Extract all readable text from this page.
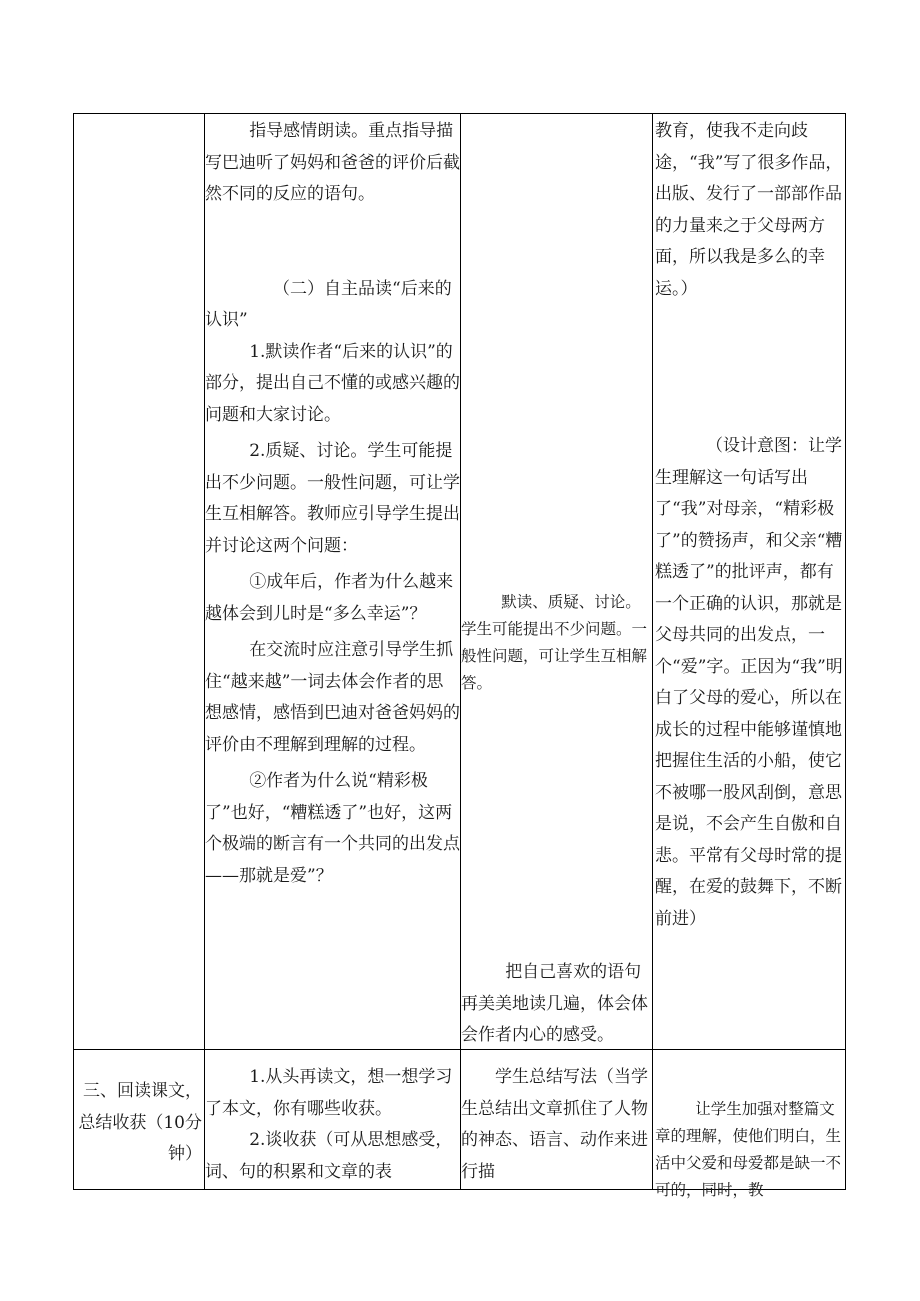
指导感情朗读。重点指导描写巴迪听了妈妈和爸爸的评价后截然不同的反应的语句。

（二）自主品读“后来的认识”

1.默读作者“后来的认识”的部分，提出自己不懂的或感兴趣的问题和大家讨论。

2.质疑、讨论。学生可能提出不少问题。一般性问题，可让学生互相解答。教师应引导学生提出并讨论这两个问题：

①成年后，作者为什么越来越体会到儿时是“多么幸运”？

在交流时应注意引导学生抓住“越来越”一词去体会作者的思想感情，感悟到巴迪对爸爸妈妈的评价由不理解到理解的过程。

②作者为什么说“精彩极了”也好，“糟糕透了”也好，这两个极端的断言有一个共同的出发点——那就是爱”？

默读、质疑、讨论。学生可能提出不少问题。一般性问题，可让学生互相解答。

把自己喜欢的语句再美美地读几遍，体会体会作者内心的感受。

教育，使我不走向歧途，“我”写了很多作品，出版、发行了一部部作品的力量来之于父母两方面，所以我是多么的幸运。）

（设计意图：让学生理解这一句话写出了“我”对母亲，“精彩极了”的赞扬声，和父亲“糟糕透了”的批评声，都有一个正确的认识，那就是父母共同的出发点，一个“爱”字。正因为“我”明白了父母的爱心，所以在成长的过程中能够谨慎地把握住生活的小船，使它不被哪一股风刮倒，意思是说，不会产生自傲和自悲。平常有父母时常的提醒，在爱的鼓舞下，不断前进）

三、回读课文，总结收获（10分钟）

1.从头再读文，想一想学习了本文，你有哪些收获。

2.谈收获（可从思想感受，词、句的积累和文章的表

学生总结写法（当学生总结出文章抓住了人物的神态、语言、动作来进行描

让学生加强对整篇文章的理解，使他们明白，生活中父爱和母爱都是缺一不可的，同时，教
